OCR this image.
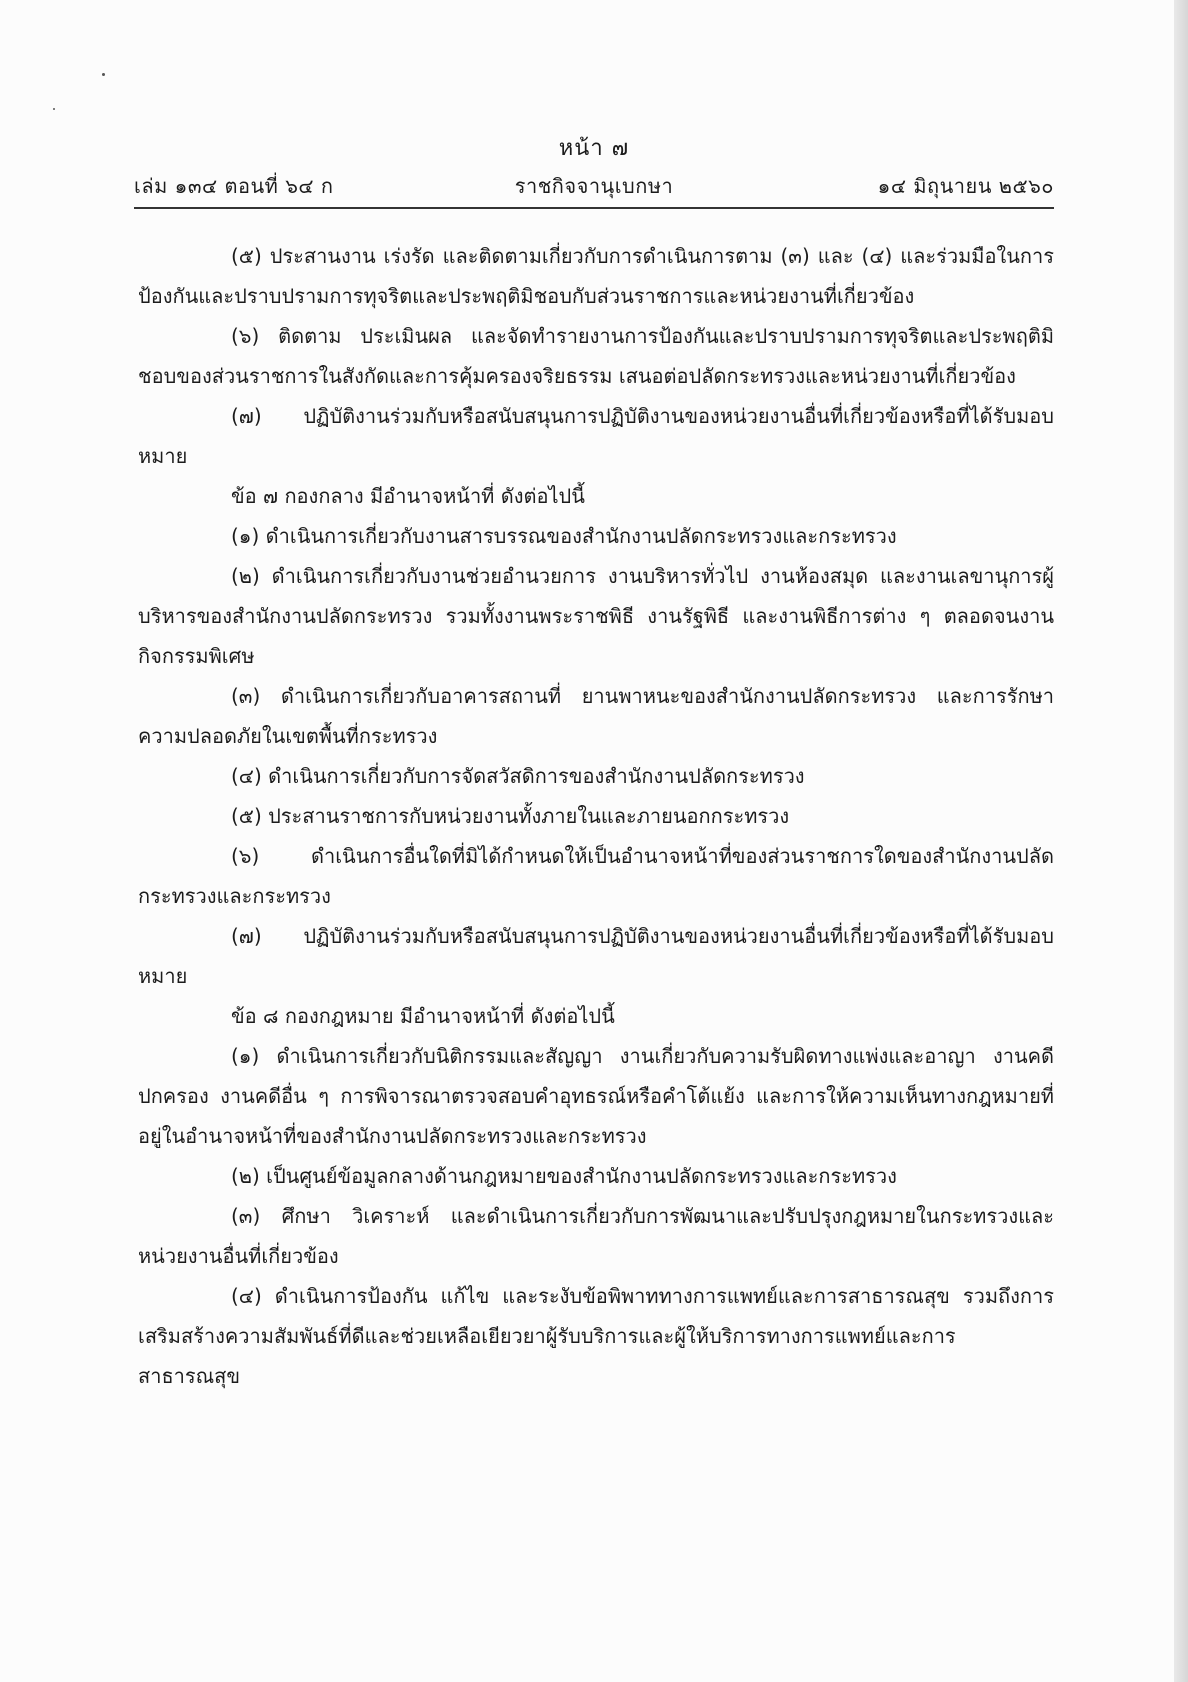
หน้า ๗
เล่ม ๑๓๔ ตอนที่ ๖๔ ก	ราชกิจจานุเบกษา	๑๔ มิถุนายน ๒๕๖๐

(๕) ประสานงาน เร่งรัด และติดตามเกี่ยวกับการดำเนินการตาม (๓) และ (๔) และร่วมมือในการป้องกันและปราบปรามการทุจริตและประพฤติมิชอบกับส่วนราชการและหน่วยงานที่เกี่ยวข้อง

(๖) ติดตาม ประเมินผล และจัดทำรายงานการป้องกันและปราบปรามการทุจริตและประพฤติมิชอบของส่วนราชการในสังกัดและการคุ้มครองจริยธรรม เสนอต่อปลัดกระทรวงและหน่วยงานที่เกี่ยวข้อง

(๗) ปฏิบัติงานร่วมกับหรือสนับสนุนการปฏิบัติงานของหน่วยงานอื่นที่เกี่ยวข้องหรือที่ได้รับมอบหมาย

ข้อ ๗ กองกลาง มีอำนาจหน้าที่ ดังต่อไปนี้

(๑) ดำเนินการเกี่ยวกับงานสารบรรณของสำนักงานปลัดกระทรวงและกระทรวง

(๒) ดำเนินการเกี่ยวกับงานช่วยอำนวยการ งานบริหารทั่วไป งานห้องสมุด และงานเลขานุการผู้บริหารของสำนักงานปลัดกระทรวง รวมทั้งงานพระราชพิธี งานรัฐพิธี และงานพิธีการต่าง ๆ ตลอดจนงานกิจกรรมพิเศษ

(๓) ดำเนินการเกี่ยวกับอาคารสถานที่ ยานพาหนะของสำนักงานปลัดกระทรวง และการรักษาความปลอดภัยในเขตพื้นที่กระทรวง

(๔) ดำเนินการเกี่ยวกับการจัดสวัสดิการของสำนักงานปลัดกระทรวง

(๕) ประสานราชการกับหน่วยงานทั้งภายในและภายนอกกระทรวง

(๖) ดำเนินการอื่นใดที่มิได้กำหนดให้เป็นอำนาจหน้าที่ของส่วนราชการใดของสำนักงานปลัดกระทรวงและกระทรวง

(๗) ปฏิบัติงานร่วมกับหรือสนับสนุนการปฏิบัติงานของหน่วยงานอื่นที่เกี่ยวข้องหรือที่ได้รับมอบหมาย

ข้อ ๘ กองกฎหมาย มีอำนาจหน้าที่ ดังต่อไปนี้

(๑) ดำเนินการเกี่ยวกับนิติกรรมและสัญญา งานเกี่ยวกับความรับผิดทางแพ่งและอาญา งานคดีปกครอง งานคดีอื่น ๆ การพิจารณาตรวจสอบคำอุทธรณ์หรือคำโต้แย้ง และการให้ความเห็นทางกฎหมายที่อยู่ในอำนาจหน้าที่ของสำนักงานปลัดกระทรวงและกระทรวง

(๒) เป็นศูนย์ข้อมูลกลางด้านกฎหมายของสำนักงานปลัดกระทรวงและกระทรวง

(๓) ศึกษา วิเคราะห์ และดำเนินการเกี่ยวกับการพัฒนาและปรับปรุงกฎหมายในกระทรวงและหน่วยงานอื่นที่เกี่ยวข้อง

(๔) ดำเนินการป้องกัน แก้ไข และระงับข้อพิพาททางการแพทย์และการสาธารณสุข รวมถึงการเสริมสร้างความสัมพันธ์ที่ดีและช่วยเหลือเยียวยาผู้รับบริการและผู้ให้บริการทางการแพทย์และการสาธารณสุข
